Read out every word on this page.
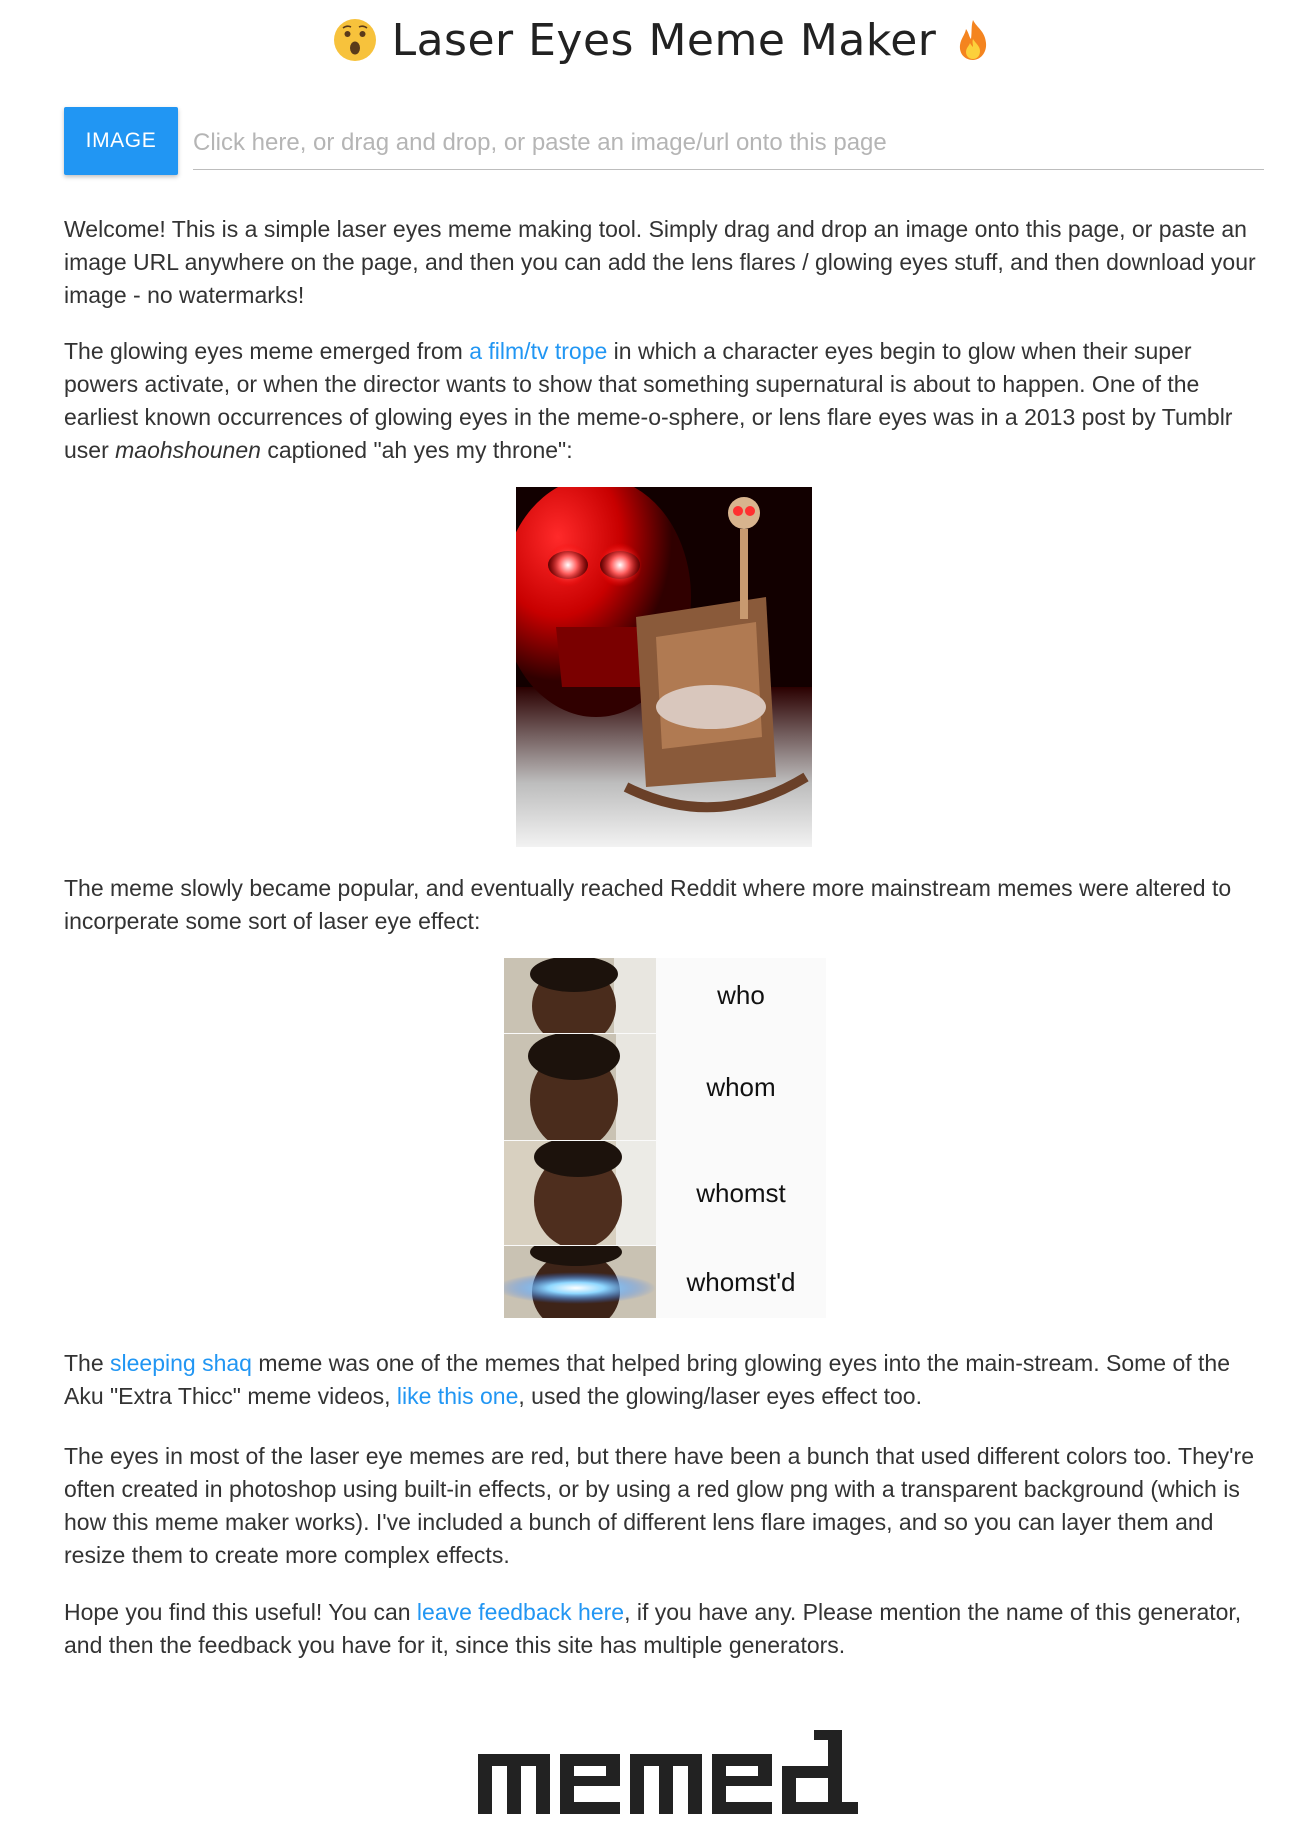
Laser Eyes Meme Maker
IMAGE
Click here, or drag and drop, or paste an image/url onto this page

Welcome! This is a simple laser eyes meme making tool. Simply drag and drop an image onto this page, or paste an image URL anywhere on the page, and then you can add the lens flares / glowing eyes stuff, and then download your image - no watermarks!

The glowing eyes meme emerged from a film/tv trope in which a character eyes begin to glow when their super powers activate, or when the director wants to show that something supernatural is about to happen. One of the earliest known occurrences of glowing eyes in the meme-o-sphere, or lens flare eyes was in a 2013 post by Tumblr user maohshounen captioned "ah yes my throne":

The meme slowly became popular, and eventually reached Reddit where more mainstream memes were altered to incorperate some sort of laser eye effect:

who
whom
whomst
whomst'd

The sleeping shaq meme was one of the memes that helped bring glowing eyes into the main-stream. Some of the Aku "Extra Thicc" meme videos, like this one, used the glowing/laser eyes effect too.

The eyes in most of the laser eye memes are red, but there have been a bunch that used different colors too. They're often created in photoshop using built-in effects, or by using a red glow png with a transparent background (which is how this meme maker works). I've included a bunch of different lens flare images, and so you can layer them and resize them to create more complex effects.

Hope you find this useful! You can leave feedback here, if you have any. Please mention the name of this generator, and then the feedback you have for it, since this site has multiple generators.
